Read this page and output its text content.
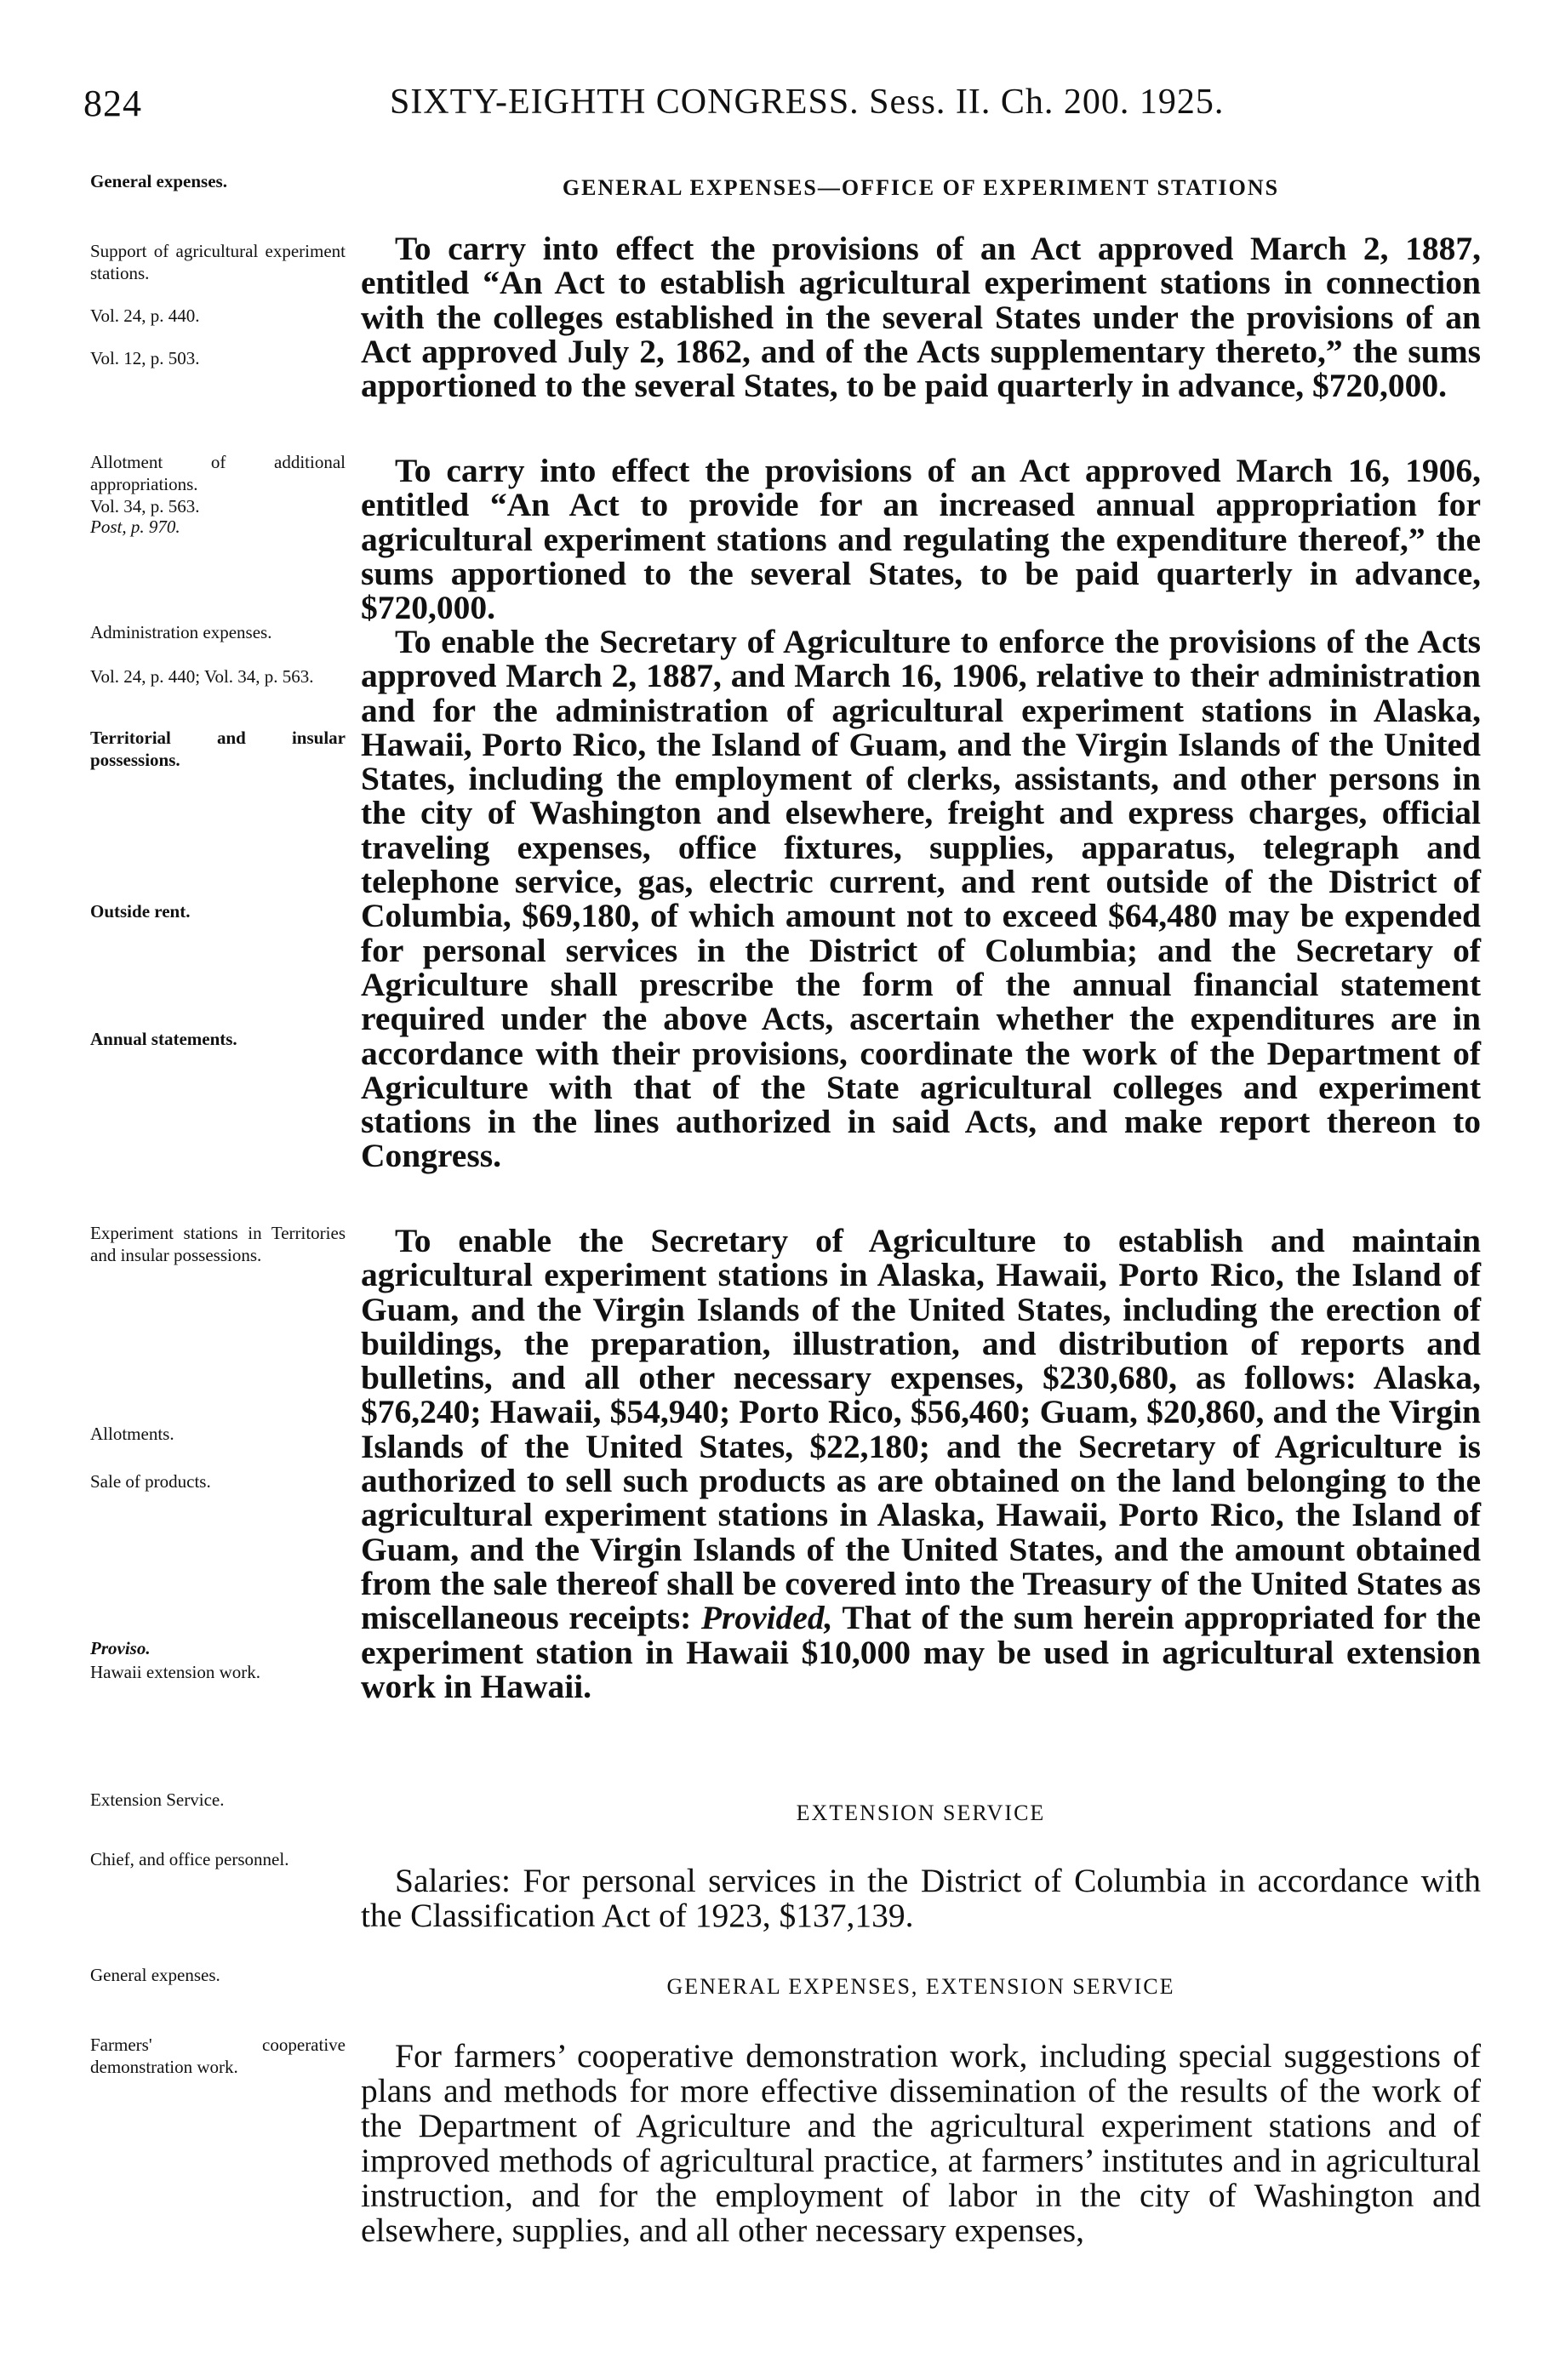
824	SIXTY-EIGHTH CONGRESS. Sess. II. Ch. 200. 1925.
General expenses.
Support of agricultural experiment stations.
Vol. 24, p. 440.
Vol. 12, p. 503.
Allotment of additional appropriations.
Vol. 34, p. 563.
Post, p. 970.
Administration expenses.
Vol. 24, p. 440; Vol. 34, p. 563.
Territorial and insular possessions.
Outside rent.
Annual statements.
Experiment stations in Territories and insular possessions.
Allotments.
Sale of products.
Proviso.
Hawaii extension work.
Extension Service.
Chief, and office personnel.
General expenses.
Farmers' cooperative demonstration work.
GENERAL EXPENSES—OFFICE OF EXPERIMENT STATIONS

To carry into effect the provisions of an Act approved March 2, 1887, entitled “An Act to establish agricultural experiment stations in connection with the colleges established in the several States under the provisions of an Act approved July 2, 1862, and of the Acts supplementary thereto,” the sums apportioned to the several States, to be paid quarterly in advance, $720,000.

To carry into effect the provisions of an Act approved March 16, 1906, entitled “An Act to provide for an increased annual appropriation for agricultural experiment stations and regulating the expenditure thereof,” the sums apportioned to the several States, to be paid quarterly in advance, $720,000.

To enable the Secretary of Agriculture to enforce the provisions of the Acts approved March 2, 1887, and March 16, 1906, relative to their administration and for the administration of agricultural experiment stations in Alaska, Hawaii, Porto Rico, the Island of Guam, and the Virgin Islands of the United States, including the employment of clerks, assistants, and other persons in the city of Washington and elsewhere, freight and express charges, official traveling expenses, office fixtures, supplies, apparatus, telegraph and telephone service, gas, electric current, and rent outside of the District of Columbia, $69,180, of which amount not to exceed $64,480 may be expended for personal services in the District of Columbia; and the Secretary of Agriculture shall prescribe the form of the annual financial statement required under the above Acts, ascertain whether the expenditures are in accordance with their provisions, coordinate the work of the Department of Agriculture with that of the State agricultural colleges and experiment stations in the lines authorized in said Acts, and make report thereon to Congress.

To enable the Secretary of Agriculture to establish and maintain agricultural experiment stations in Alaska, Hawaii, Porto Rico, the Island of Guam, and the Virgin Islands of the United States, including the erection of buildings, the preparation, illustration, and distribution of reports and bulletins, and all other necessary expenses, $230,680, as follows: Alaska, $76,240; Hawaii, $54,940; Porto Rico, $56,460; Guam, $20,860, and the Virgin Islands of the United States, $22,180; and the Secretary of Agriculture is authorized to sell such products as are obtained on the land belonging to the agricultural experiment stations in Alaska, Hawaii, Porto Rico, the Island of Guam, and the Virgin Islands of the United States, and the amount obtained from the sale thereof shall be covered into the Treasury of the United States as miscellaneous receipts: Provided, That of the sum herein appropriated for the experiment station in Hawaii $10,000 may be used in agricultural extension work in Hawaii.

EXTENSION SERVICE

Salaries: For personal services in the District of Columbia in accordance with the Classification Act of 1923, $137,139.

GENERAL EXPENSES, EXTENSION SERVICE

For farmers’ cooperative demonstration work, including special suggestions of plans and methods for more effective dissemination of the results of the work of the Department of Agriculture and the agricultural experiment stations and of improved methods of agricultural practice, at farmers’ institutes and in agricultural instruction, and for the employment of labor in the city of Washington and elsewhere, supplies, and all other necessary expenses,
